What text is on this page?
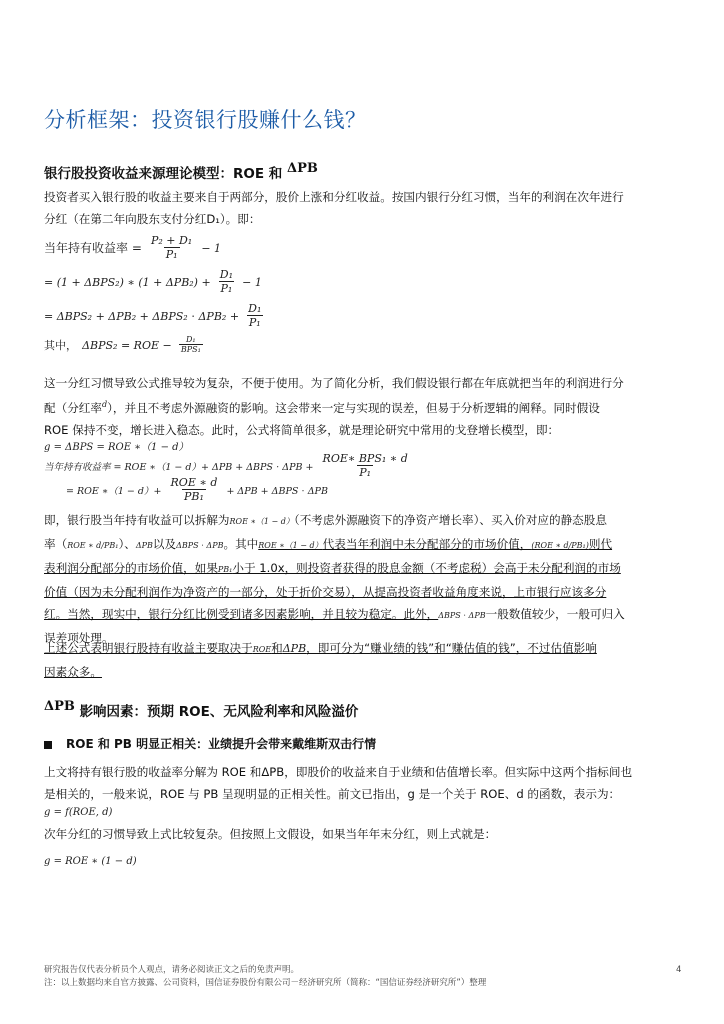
分析框架：投资银行股赚什么钱？
银行股投资收益来源理论模型：ROE 和 ΔPB
投资者买入银行股的收益主要来自于两部分，股价上涨和分红收益。按国内银行分红习惯，当年的利润在次年进行
分红（在第二年向股东支付分红D₁）。即：
当年持有收益率 = $\frac{\text{P₂ + D₁}}{\text{P₁}} - 1$
= (1 + ΔBPS₂) ∗ $(1 + \Delta PB_2) + \frac{\text{D₁}}{\text{P₁}} - 1$
= $\Delta BPS_2 + \Delta PB_2 + \Delta BPS_2 \cdot \Delta PB_2 + \frac{\text{D₁}}{\text{P₁}}$
其中， ΔBPS₂ = ROE − $\frac{\text{D₁}}{\text{BPS₁}}$
这一分红习惯导致公式推导较为复杂，不便于使用。为了简化分析，我们假设银行都在年底就把当年的利润进行分
配（分红率$^d$），并且不考虑外源融资的影响。这会带来一定与实现的误差，但易于分析逻辑的阐释。同时假设
ROE 保持不变，增长进入稳态。此时，公式将简单很多，就是理论研究中常用的戈登增长模型，即：
g = ΔBPS = ROE ∗（1 − d）
当年持有收益率 = ROE ∗（1 − $d)+ \Delta PB + \Delta BPS \cdot \Delta PB + \frac{\text{ROE∗ BPS₁ ∗ d}}{\text{P₁}}$
= ROE ∗（1 − $d)+ \frac{\text{ROE ∗ d}}{\text{PB₁}} + \Delta PB + \Delta BPS \cdot \Delta PB$
即，银行股当年持有收益可以拆解为ROE ∗（1 − d）（不考虑外源融资下的净资产增长率）、买入价对应的静态股息
率（ROE ∗ d/PB₁）、ΔPB以及ΔBPS ⋅ ΔPB。其中ROE ∗（1 − d）代表当年利润中未分配部分的市场价值，(ROE ∗ d/PB₁)则代
表利润分配部分的市场价值，如果PB₁小于 1.0x，则投资者获得的股息金额（不考虑税）会高于未分配利润的市场
价值（因为未分配利润作为净资产的一部分，处于折价交易），从提高投资者收益角度来说，上市银行应该多分
红。当然，现实中，银行分红比例受到诸多因素影响，并且较为稳定。此外，ΔBPS ⋅ ΔPB一般数值较少，一般可归入
误差项处理。
上述公式表明银行股持有收益主要取决于ROE和ΔPB，即可分为“赚业绩的钱”和“赚估值的钱”，不过估值影响
因素众多。
ΔPB 影响因素：预期 ROE、无风险利率和风险溢价
ROE 和 PB 明显正相关：业绩提升会带来戴维斯双击行情
上文将持有银行股的收益率分解为 ROE 和ΔPB，即股价的收益来自于业绩和估值增长率。但实际中这两个指标间也
是相关的，一般来说，ROE 与 PB 呈现明显的正相关性。前文已指出，g 是一个关于 ROE、d 的函数，表示为：
g = f(ROE, d)
次年分红的习惯导致上式比较复杂。但按照上文假设，如果当年年末分红，则上式就是：
g = ROE ∗ (1 − d)
研究报告仅代表分析员个人观点，请务必阅读正文之后的免责声明。
注：以上数据均来自官方披露、公司资料，国信证券股份有限公司－经济研究所（简称：“国信证券经济研究所”）整理
4
